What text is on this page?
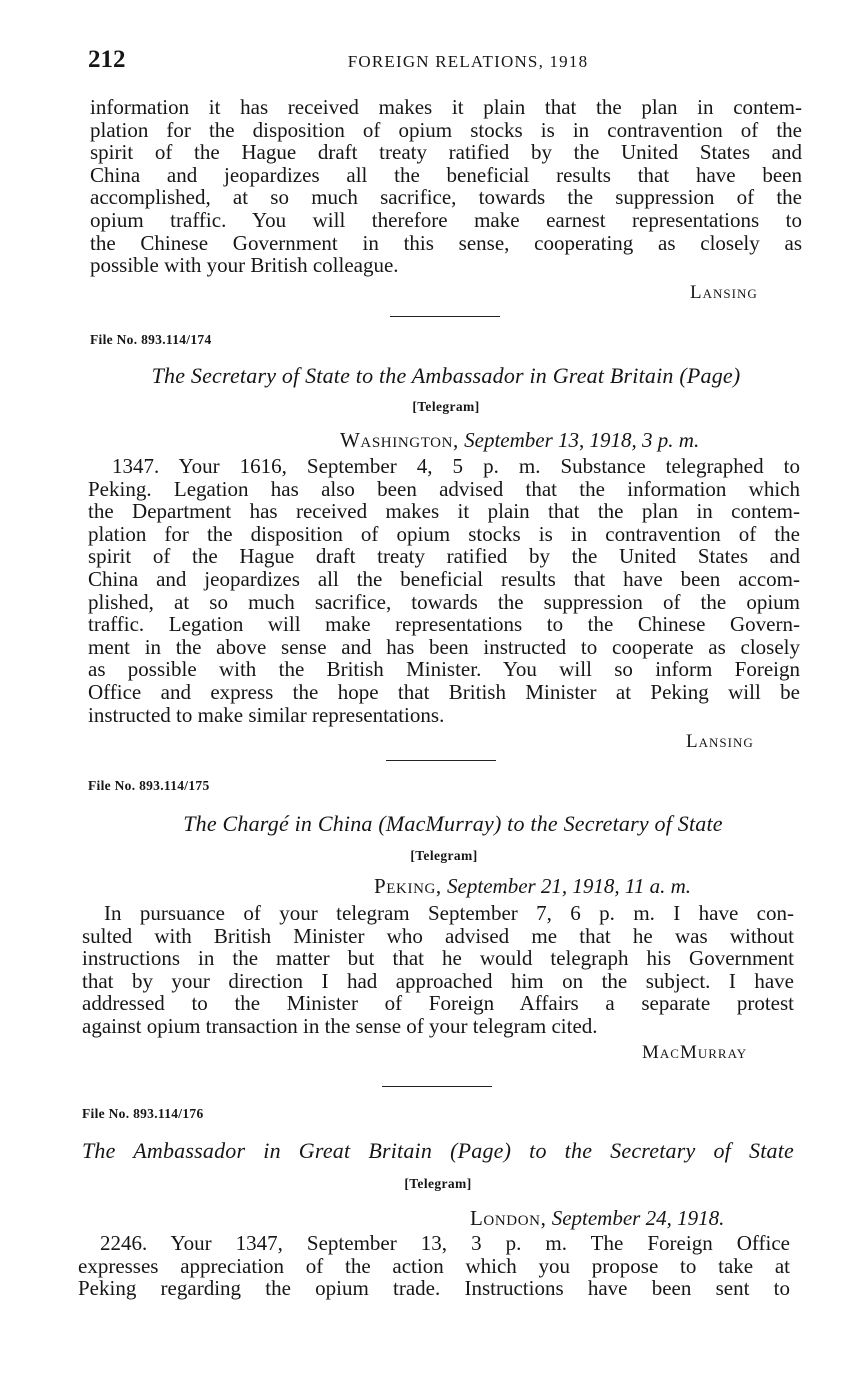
212	FOREIGN RELATIONS, 1918
information it has received makes it plain that the plan in contem-
plation for the disposition of opium stocks is in contravention of the
spirit of the Hague draft treaty ratified by the United States and
China and jeopardizes all the beneficial results that have been
accomplished, at so much sacrifice, towards the suppression of the
opium traffic. You will therefore make earnest representations to
the Chinese Government in this sense, cooperating as closely as
possible with your British colleague.
Lansing
File No. 893.114/174
The Secretary of State to the Ambassador in Great Britain (Page)
[Telegram]
Washington, September 13, 1918, 3 p. m.
1347. Your 1616, September 4, 5 p. m. Substance telegraphed to
Peking. Legation has also been advised that the information which
the Department has received makes it plain that the plan in contem-
plation for the disposition of opium stocks is in contravention of the
spirit of the Hague draft treaty ratified by the United States and
China and jeopardizes all the beneficial results that have been accom-
plished, at so much sacrifice, towards the suppression of the opium
traffic. Legation will make representations to the Chinese Govern-
ment in the above sense and has been instructed to cooperate as closely
as possible with the British Minister. You will so inform Foreign
Office and express the hope that British Minister at Peking will be
instructed to make similar representations.
Lansing
File No. 893.114/175
The Chargé in China (MacMurray) to the Secretary of State
[Telegram]
Peking, September 21, 1918, 11 a. m.
In pursuance of your telegram September 7, 6 p. m. I have con-
sulted with British Minister who advised me that he was without
instructions in the matter but that he would telegraph his Government
that by your direction I had approached him on the subject. I have
addressed to the Minister of Foreign Affairs a separate protest
against opium transaction in the sense of your telegram cited.
MacMurray
File No. 893.114/176
The Ambassador in Great Britain (Page) to the Secretary of State
[Telegram]
London, September 24, 1918.
2246. Your 1347, September 13, 3 p. m. The Foreign Office
expresses appreciation of the action which you propose to take at
Peking regarding the opium trade. Instructions have been sent to
